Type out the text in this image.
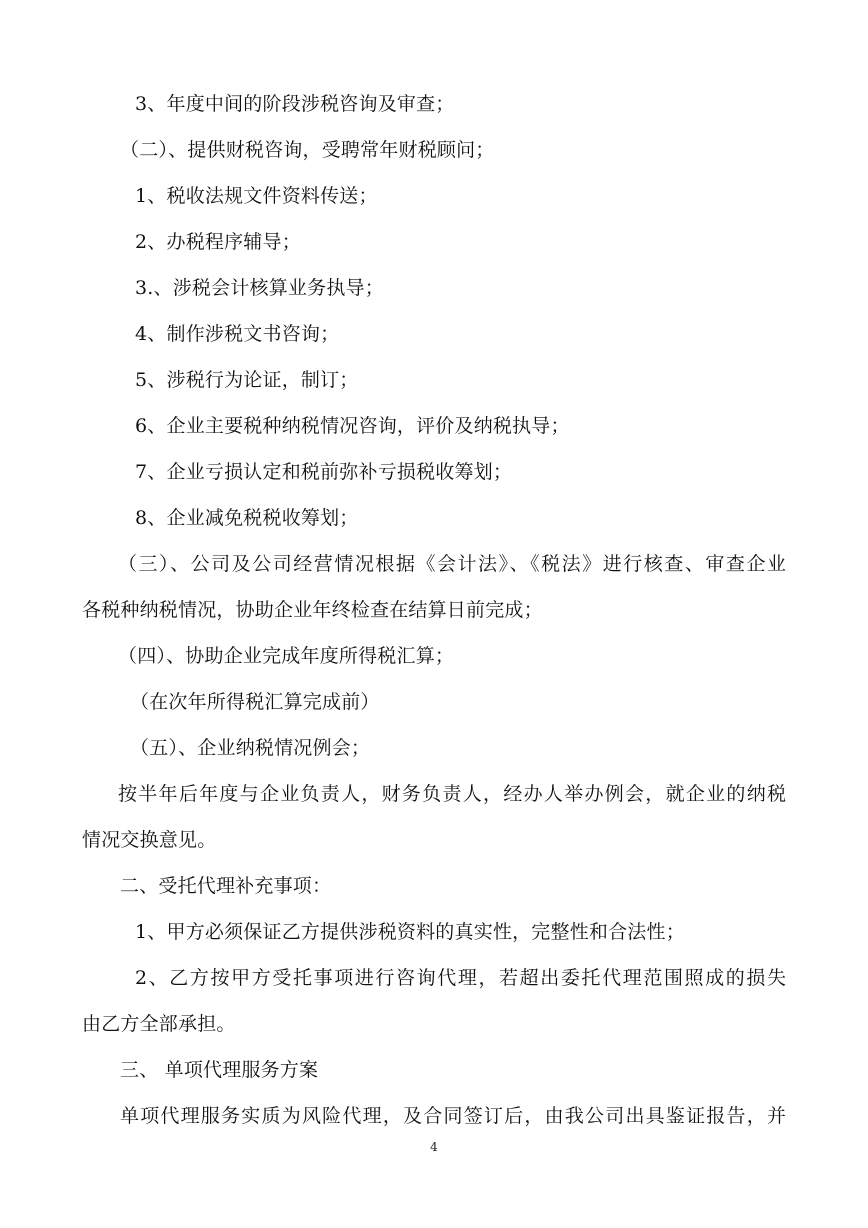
3、年度中间的阶段涉税咨询及审查；
（二）、提供财税咨询，受聘常年财税顾问；
1、税收法规文件资料传送；
2、办税程序辅导；
3.、涉税会计核算业务执导；
4、制作涉税文书咨询；
5、涉税行为论证，制订；
6、企业主要税种纳税情况咨询，评价及纳税执导；
7、企业亏损认定和税前弥补亏损税收筹划；
8、企业减免税税收筹划；
（三）、公司及公司经营情况根据《会计法》、《税法》进行核查、审查企业
各税种纳税情况，协助企业年终检查在结算日前完成；
（四）、协助企业完成年度所得税汇算；
（在次年所得税汇算完成前）
（五）、企业纳税情况例会；
按半年后年度与企业负责人，财务负责人，经办人举办例会，就企业的纳税
情况交换意见。
二、受托代理补充事项：
1、甲方必须保证乙方提供涉税资料的真实性，完整性和合法性；
2、乙方按甲方受托事项进行咨询代理，若超出委托代理范围照成的损失
由乙方全部承担。
三、 单项代理服务方案
单项代理服务实质为风险代理，及合同签订后，由我公司出具鉴证报告，并
4
